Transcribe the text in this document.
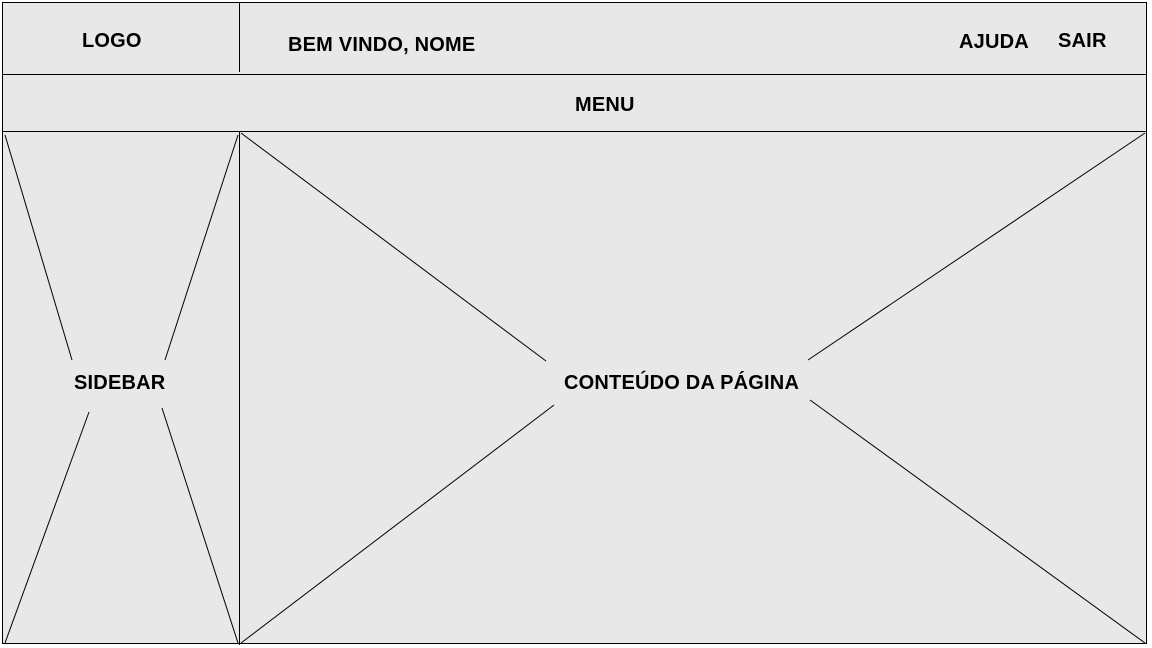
LOGO	BEM VINDO, NOME	AJUDA SAIR
MENU
SIDEBAR	CONTEÚDO DA PÁGINA
